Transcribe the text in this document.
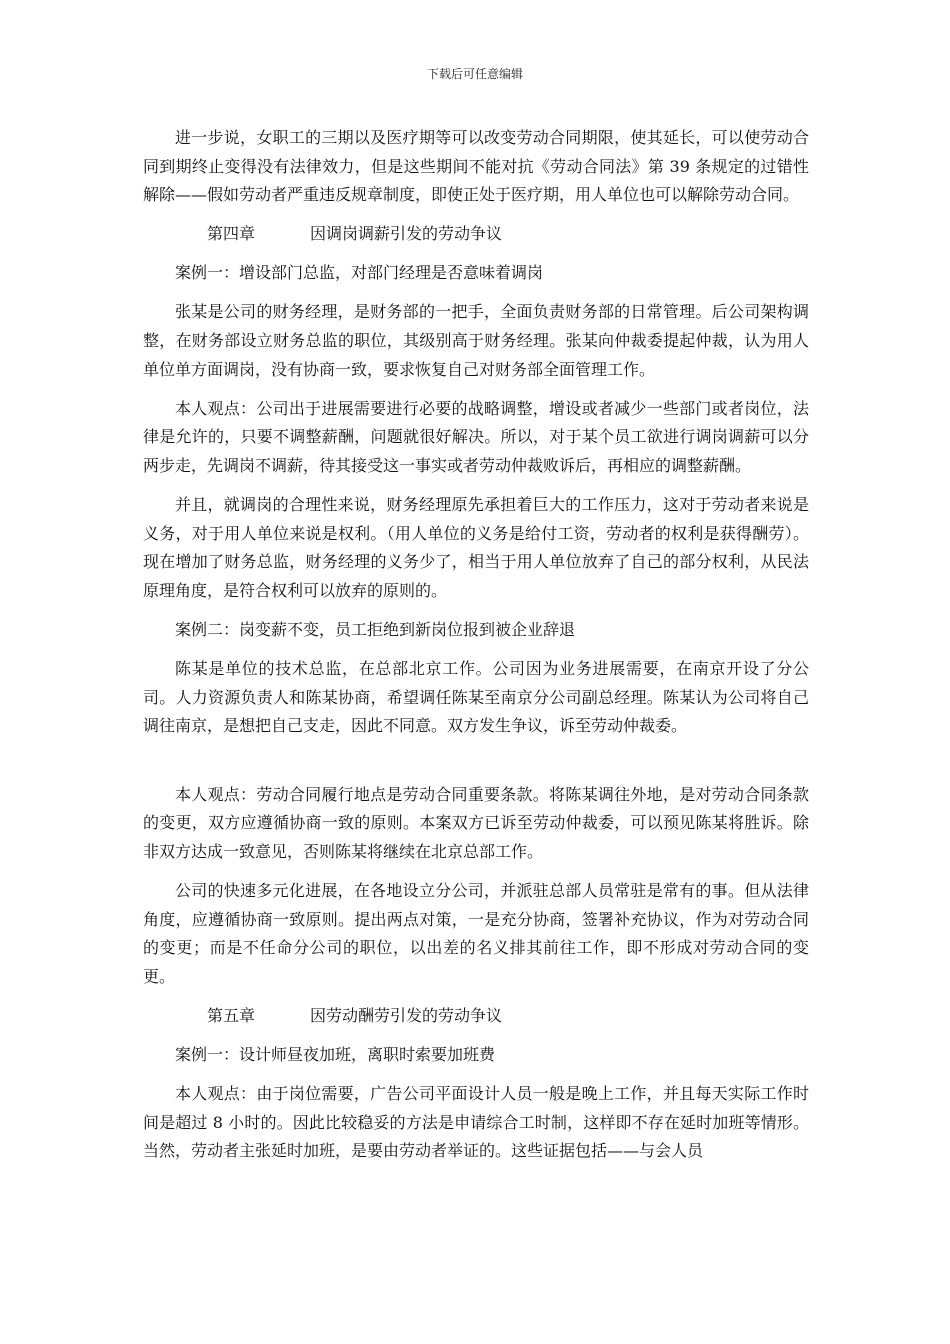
下载后可任意编辑

进一步说，女职工的三期以及医疗期等可以改变劳动合同期限，使其延长，可以使劳动合同到期终止变得没有法律效力，但是这些期间不能对抗《劳动合同法》第 39 条规定的过错性解除——假如劳动者严重违反规章制度，即使正处于医疗期，用人单位也可以解除劳动合同。

第四章	因调岗调薪引发的劳动争议

案例一：增设部门总监，对部门经理是否意味着调岗

张某是公司的财务经理，是财务部的一把手，全面负责财务部的日常管理。后公司架构调整，在财务部设立财务总监的职位，其级别高于财务经理。张某向仲裁委提起仲裁，认为用人单位单方面调岗，没有协商一致，要求恢复自己对财务部全面管理工作。

本人观点：公司出于进展需要进行必要的战略调整，增设或者减少一些部门或者岗位，法律是允许的，只要不调整薪酬，问题就很好解决。所以，对于某个员工欲进行调岗调薪可以分两步走，先调岗不调薪，待其接受这一事实或者劳动仲裁败诉后，再相应的调整薪酬。

并且，就调岗的合理性来说，财务经理原先承担着巨大的工作压力，这对于劳动者来说是义务，对于用人单位来说是权利。（用人单位的义务是给付工资，劳动者的权利是获得酬劳）。现在增加了财务总监，财务经理的义务少了，相当于用人单位放弃了自己的部分权利，从民法原理角度，是符合权利可以放弃的原则的。

案例二：岗变薪不变，员工拒绝到新岗位报到被企业辞退

陈某是单位的技术总监，在总部北京工作。公司因为业务进展需要，在南京开设了分公司。人力资源负责人和陈某协商，希望调任陈某至南京分公司副总经理。陈某认为公司将自己调往南京，是想把自己支走，因此不同意。双方发生争议，诉至劳动仲裁委。

本人观点：劳动合同履行地点是劳动合同重要条款。将陈某调往外地，是对劳动合同条款的变更，双方应遵循协商一致的原则。本案双方已诉至劳动仲裁委，可以预见陈某将胜诉。除非双方达成一致意见，否则陈某将继续在北京总部工作。

公司的快速多元化进展，在各地设立分公司，并派驻总部人员常驻是常有的事。但从法律角度，应遵循协商一致原则。提出两点对策，一是充分协商，签署补充协议，作为对劳动合同的变更；而是不任命分公司的职位，以出差的名义排其前往工作，即不形成对劳动合同的变更。

第五章	因劳动酬劳引发的劳动争议

案例一：设计师昼夜加班，离职时索要加班费

本人观点：由于岗位需要，广告公司平面设计人员一般是晚上工作，并且每天实际工作时间是超过 8 小时的。因此比较稳妥的方法是申请综合工时制，这样即不存在延时加班等情形。当然，劳动者主张延时加班，是要由劳动者举证的。这些证据包括——与会人员
